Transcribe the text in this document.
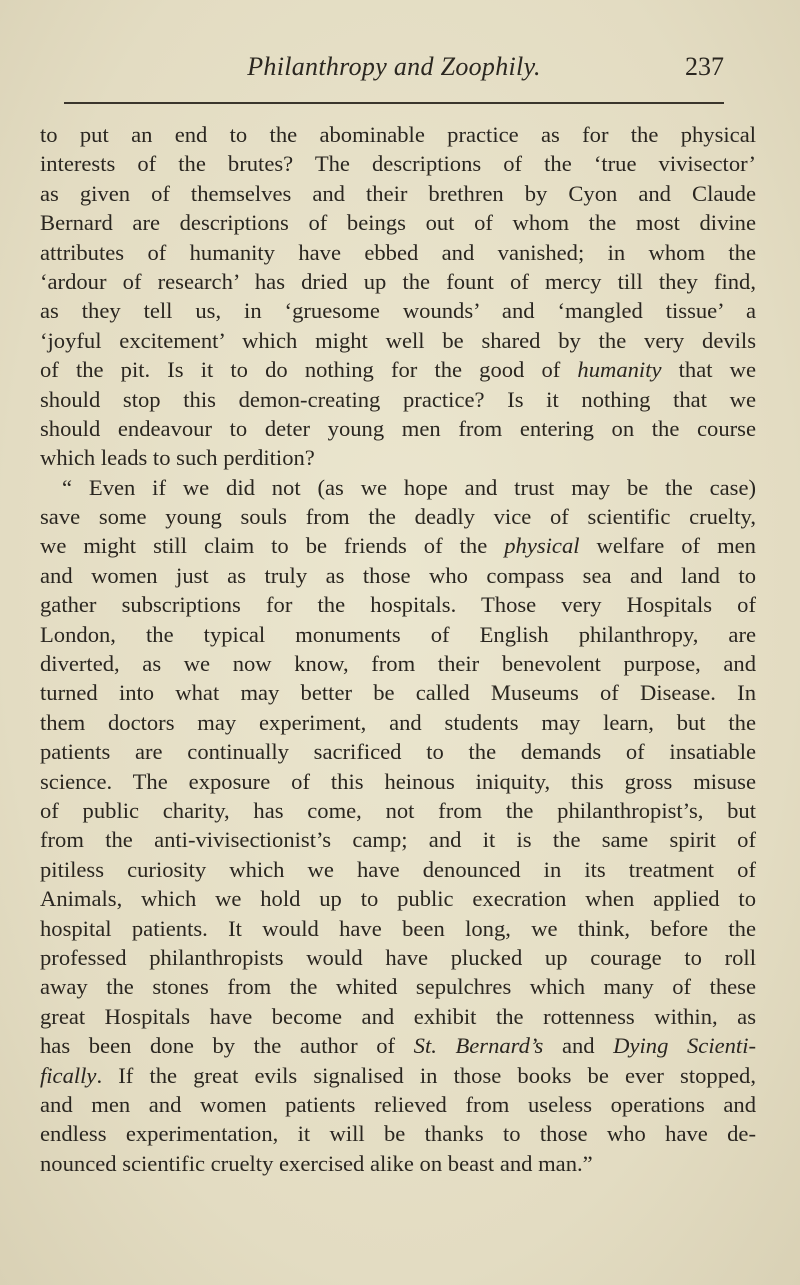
Philanthropy and Zoophily.	237
to put an end to the abominable practice as for the physical
interests of the brutes? The descriptions of the ‘true vivisector’
as given of themselves and their brethren by Cyon and Claude
Bernard are descriptions of beings out of whom the most divine
attributes of humanity have ebbed and vanished; in whom the
‘ardour of research’ has dried up the fount of mercy till they find,
as they tell us, in ‘gruesome wounds’ and ‘mangled tissue’ a
‘joyful excitement’ which might well be shared by the very devils
of the pit. Is it to do nothing for the good of humanity that we
should stop this demon-creating practice? Is it nothing that we
should endeavour to deter young men from entering on the course
which leads to such perdition?
“ Even if we did not (as we hope and trust may be the case)
save some young souls from the deadly vice of scientific cruelty,
we might still claim to be friends of the physical welfare of men
and women just as truly as those who compass sea and land to
gather subscriptions for the hospitals. Those very Hospitals of
London, the typical monuments of English philanthropy, are
diverted, as we now know, from their benevolent purpose, and
turned into what may better be called Museums of Disease. In
them doctors may experiment, and students may learn, but the
patients are continually sacrificed to the demands of insatiable
science. The exposure of this heinous iniquity, this gross misuse
of public charity, has come, not from the philanthropist’s, but
from the anti-vivisectionist’s camp; and it is the same spirit of
pitiless curiosity which we have denounced in its treatment of
Animals, which we hold up to public execration when applied to
hospital patients. It would have been long, we think, before the
professed philanthropists would have plucked up courage to roll
away the stones from the whited sepulchres which many of these
great Hospitals have become and exhibit the rottenness within, as
has been done by the author of St. Bernard’s and Dying Scienti-
fically. If the great evils signalised in those books be ever stopped,
and men and women patients relieved from useless operations and
endless experimentation, it will be thanks to those who have de-
nounced scientific cruelty exercised alike on beast and man.”
